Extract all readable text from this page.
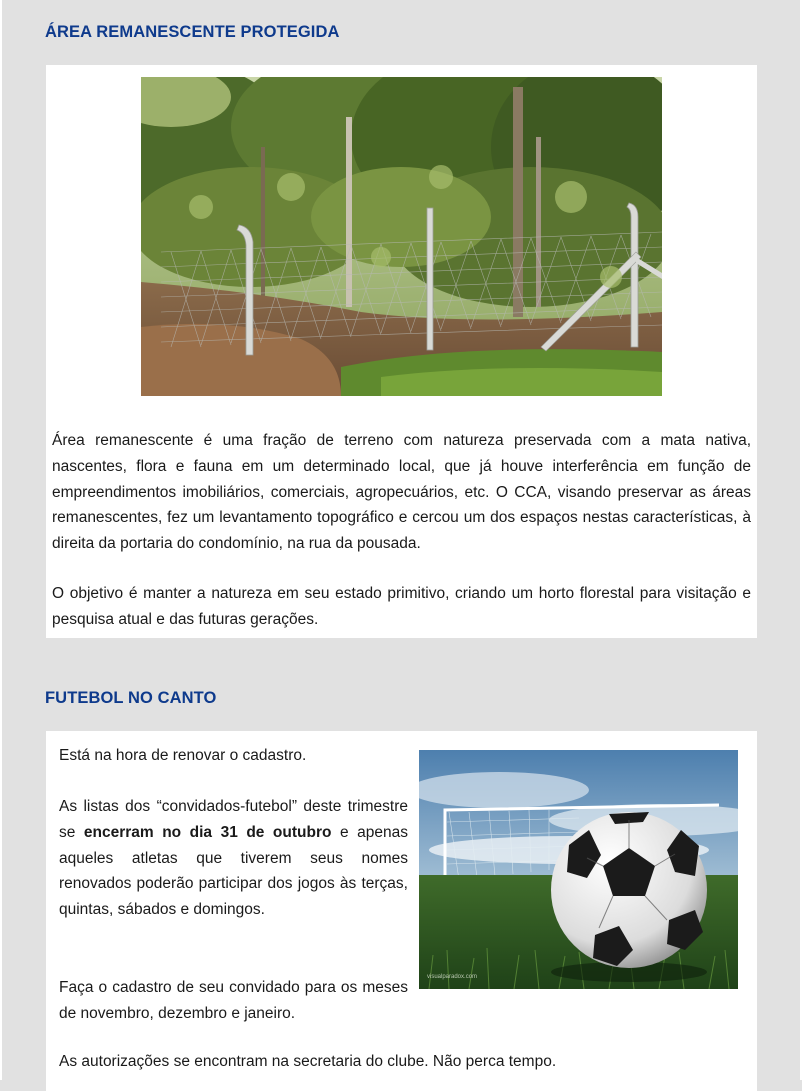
ÁREA REMANESCENTE PROTEGIDA

Área remanescente é uma fração de terreno com natureza preservada com a mata nativa, nascentes, flora e fauna em um determinado local, que já houve interferência em função de empreendimentos imobiliários, comerciais, agropecuários, etc. O CCA, visando preservar as áreas remanescentes, fez um levantamento topográfico e cercou um dos espaços nestas características, à direita da portaria do condomínio, na rua da pousada.

O objetivo é manter a natureza em seu estado primitivo, criando um horto florestal para visitação e pesquisa atual e das futuras gerações.

FUTEBOL NO CANTO

Está na hora de renovar o cadastro.

As listas dos “convidados-futebol” deste trimestre se encerram no dia 31 de outubro e apenas aqueles atletas que tiverem seus nomes renovados poderão participar dos jogos às terças, quintas, sábados e domingos.

Faça o cadastro de seu convidado para os meses de novembro, dezembro e janeiro.

As autorizações se encontram na secretaria do clube. Não perca tempo.

visualparadox.com
